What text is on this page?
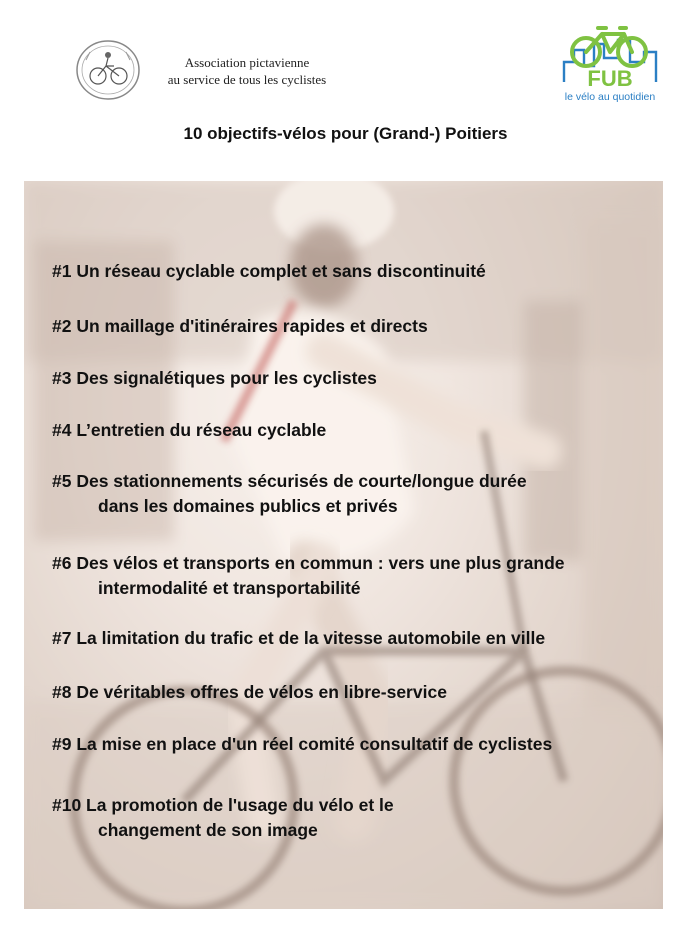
Association pictavienne
au service de tous les cyclistes	FUB
le vélo au quotidien
10 objectifs-vélos pour (Grand-) Poitiers

#1 Un réseau cyclable complet et sans discontinuité

#2 Un maillage d'itinéraires rapides et directs

#3 Des signalétiques pour les cyclistes

#4 L’entretien du réseau cyclable

#5 Des stationnements sécurisés de courte/longue durée
dans les domaines publics et privés

#6 Des vélos et transports en commun : vers une plus grande
intermodalité et transportabilité

#7 La limitation du trafic et de la vitesse automobile en ville

#8 De véritables offres de vélos en libre-service

#9 La mise en place d'un réel comité consultatif de cyclistes

#10 La promotion de l'usage du vélo et le
changement de son image
